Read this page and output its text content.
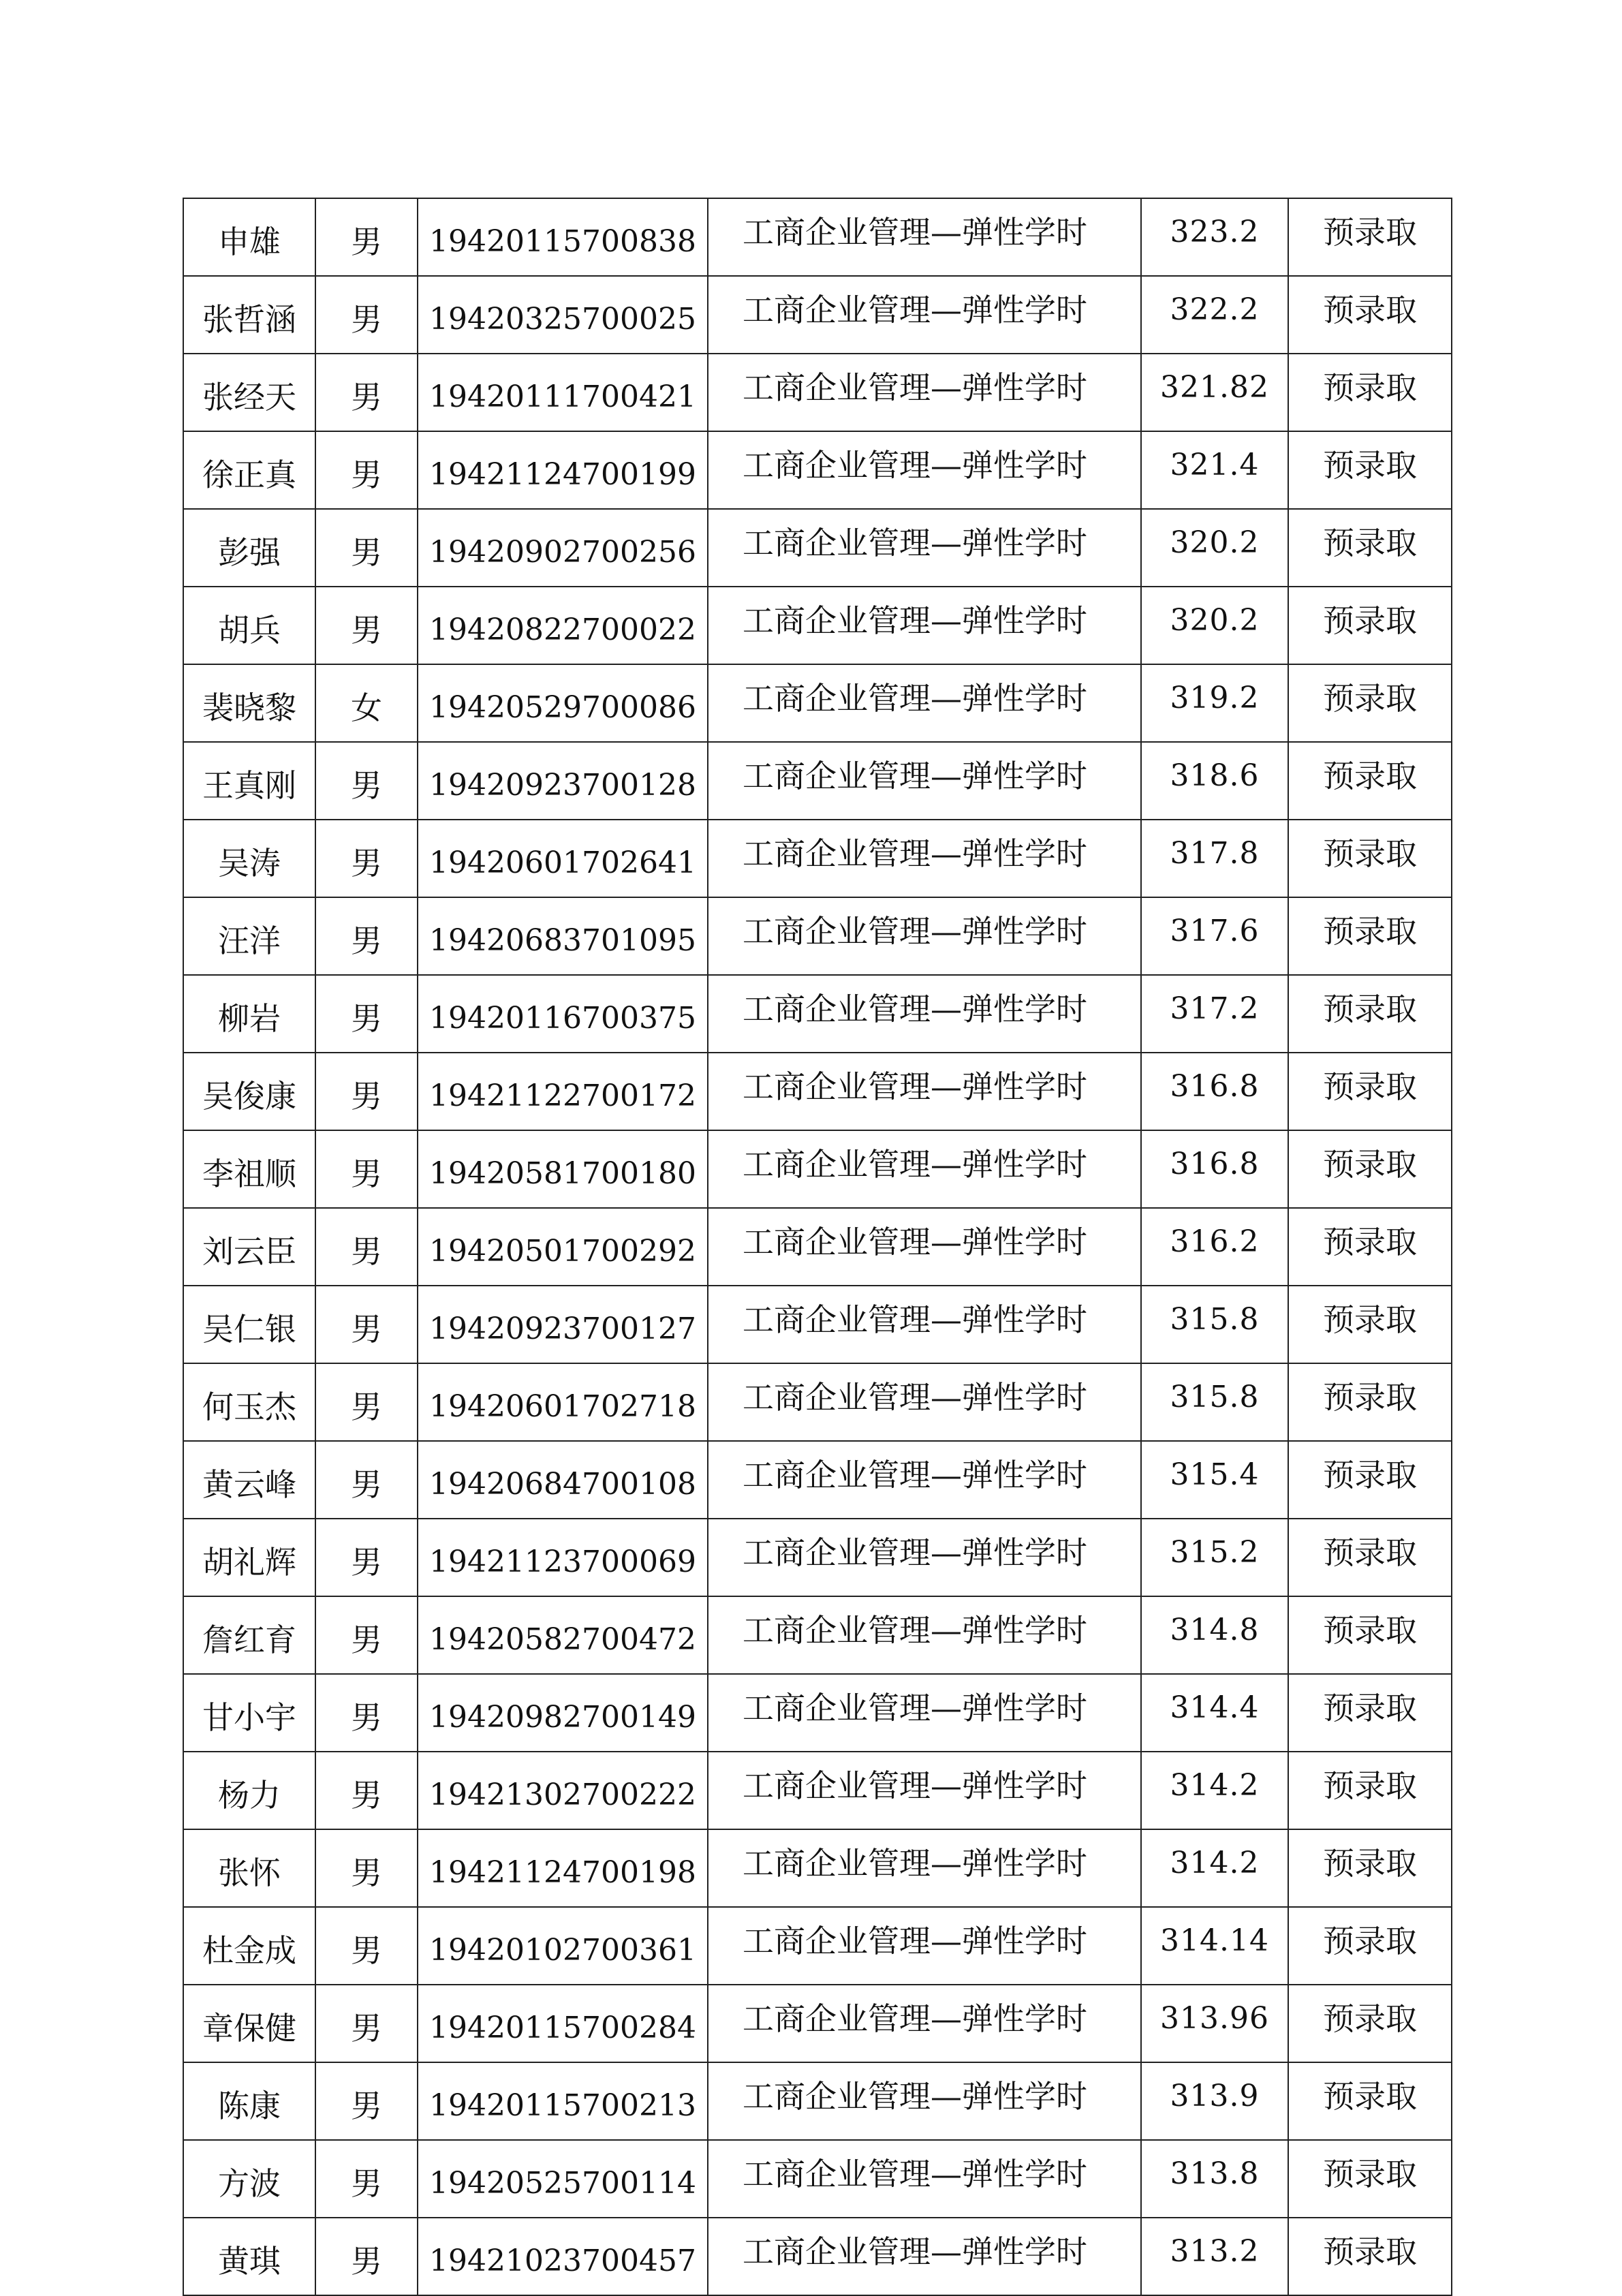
申雄	男	19420115700838	工商企业管理—弹性学时	323.2	预录取
张哲涵	男	19420325700025	工商企业管理—弹性学时	322.2	预录取
张经天	男	19420111700421	工商企业管理—弹性学时	321.82	预录取
徐正真	男	19421124700199	工商企业管理—弹性学时	321.4	预录取
彭强	男	19420902700256	工商企业管理—弹性学时	320.2	预录取
胡兵	男	19420822700022	工商企业管理—弹性学时	320.2	预录取
裴晓黎	女	19420529700086	工商企业管理—弹性学时	319.2	预录取
王真刚	男	19420923700128	工商企业管理—弹性学时	318.6	预录取
吴涛	男	19420601702641	工商企业管理—弹性学时	317.8	预录取
汪洋	男	19420683701095	工商企业管理—弹性学时	317.6	预录取
柳岩	男	19420116700375	工商企业管理—弹性学时	317.2	预录取
吴俊康	男	19421122700172	工商企业管理—弹性学时	316.8	预录取
李祖顺	男	19420581700180	工商企业管理—弹性学时	316.8	预录取
刘云臣	男	19420501700292	工商企业管理—弹性学时	316.2	预录取
吴仁银	男	19420923700127	工商企业管理—弹性学时	315.8	预录取
何玉杰	男	19420601702718	工商企业管理—弹性学时	315.8	预录取
黄云峰	男	19420684700108	工商企业管理—弹性学时	315.4	预录取
胡礼辉	男	19421123700069	工商企业管理—弹性学时	315.2	预录取
詹红育	男	19420582700472	工商企业管理—弹性学时	314.8	预录取
甘小宇	男	19420982700149	工商企业管理—弹性学时	314.4	预录取
杨力	男	19421302700222	工商企业管理—弹性学时	314.2	预录取
张怀	男	19421124700198	工商企业管理—弹性学时	314.2	预录取
杜金成	男	19420102700361	工商企业管理—弹性学时	314.14	预录取
章保健	男	19420115700284	工商企业管理—弹性学时	313.96	预录取
陈康	男	19420115700213	工商企业管理—弹性学时	313.9	预录取
方波	男	19420525700114	工商企业管理—弹性学时	313.8	预录取
黄琪	男	19421023700457	工商企业管理—弹性学时	313.2	预录取
